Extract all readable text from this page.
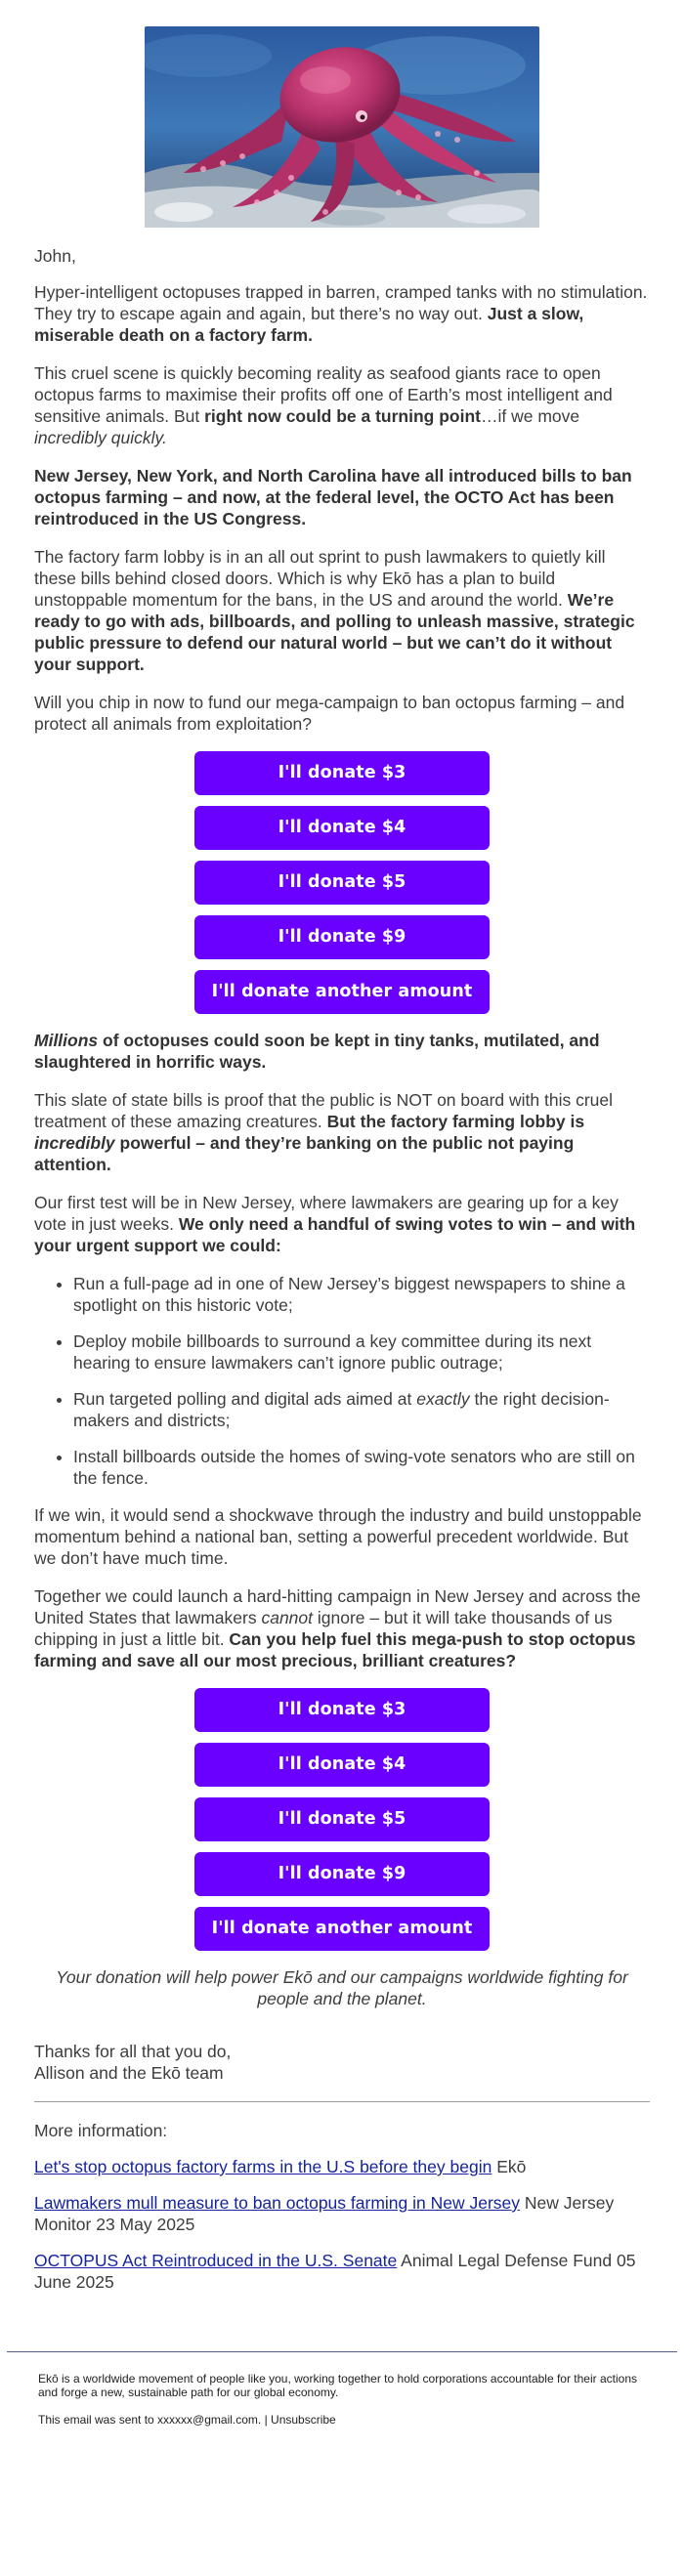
John,

Hyper-intelligent octopuses trapped in barren, cramped tanks with no stimulation. They try to escape again and again, but there’s no way out. Just a slow, miserable death on a factory farm.

This cruel scene is quickly becoming reality as seafood giants race to open octopus farms to maximise their profits off one of Earth’s most intelligent and sensitive animals. But right now could be a turning point…if we move incredibly quickly.

New Jersey, New York, and North Carolina have all introduced bills to ban octopus farming – and now, at the federal level, the OCTO Act has been reintroduced in the US Congress.

The factory farm lobby is in an all out sprint to push lawmakers to quietly kill these bills behind closed doors. Which is why Ekō has a plan to build unstoppable momentum for the bans, in the US and around the world. We’re ready to go with ads, billboards, and polling to unleash massive, strategic public pressure to defend our natural world – but we can’t do it without your support.

Will you chip in now to fund our mega-campaign to ban octopus farming – and protect all animals from exploitation?

I'll donate $3
I'll donate $4
I'll donate $5
I'll donate $9
I'll donate another amount

Millions of octopuses could soon be kept in tiny tanks, mutilated, and slaughtered in horrific ways.

This slate of state bills is proof that the public is NOT on board with this cruel treatment of these amazing creatures. But the factory farming lobby is incredibly powerful – and they’re banking on the public not paying attention.

Our first test will be in New Jersey, where lawmakers are gearing up for a key vote in just weeks. We only need a handful of swing votes to win – and with your urgent support we could:

• Run a full-page ad in one of New Jersey’s biggest newspapers to shine a spotlight on this historic vote;
• Deploy mobile billboards to surround a key committee during its next hearing to ensure lawmakers can’t ignore public outrage;
• Run targeted polling and digital ads aimed at exactly the right decision-makers and districts;
• Install billboards outside the homes of swing-vote senators who are still on the fence.

If we win, it would send a shockwave through the industry and build unstoppable momentum behind a national ban, setting a powerful precedent worldwide. But we don’t have much time.

Together we could launch a hard-hitting campaign in New Jersey and across the United States that lawmakers cannot ignore – but it will take thousands of us chipping in just a little bit. Can you help fuel this mega-push to stop octopus farming and save all our most precious, brilliant creatures?

I'll donate $3
I'll donate $4
I'll donate $5
I'll donate $9
I'll donate another amount

Your donation will help power Ekō and our campaigns worldwide fighting for people and the planet.

Thanks for all that you do,
Allison and the Ekō team

More information:

Let's stop octopus factory farms in the U.S before they begin Ekō

Lawmakers mull measure to ban octopus farming in New Jersey New Jersey Monitor 23 May 2025

OCTOPUS Act Reintroduced in the U.S. Senate Animal Legal Defense Fund 05 June 2025

Ekō is a worldwide movement of people like you, working together to hold corporations accountable for their actions and forge a new, sustainable path for our global economy.

This email was sent to xxxxxx@gmail.com. | Unsubscribe
